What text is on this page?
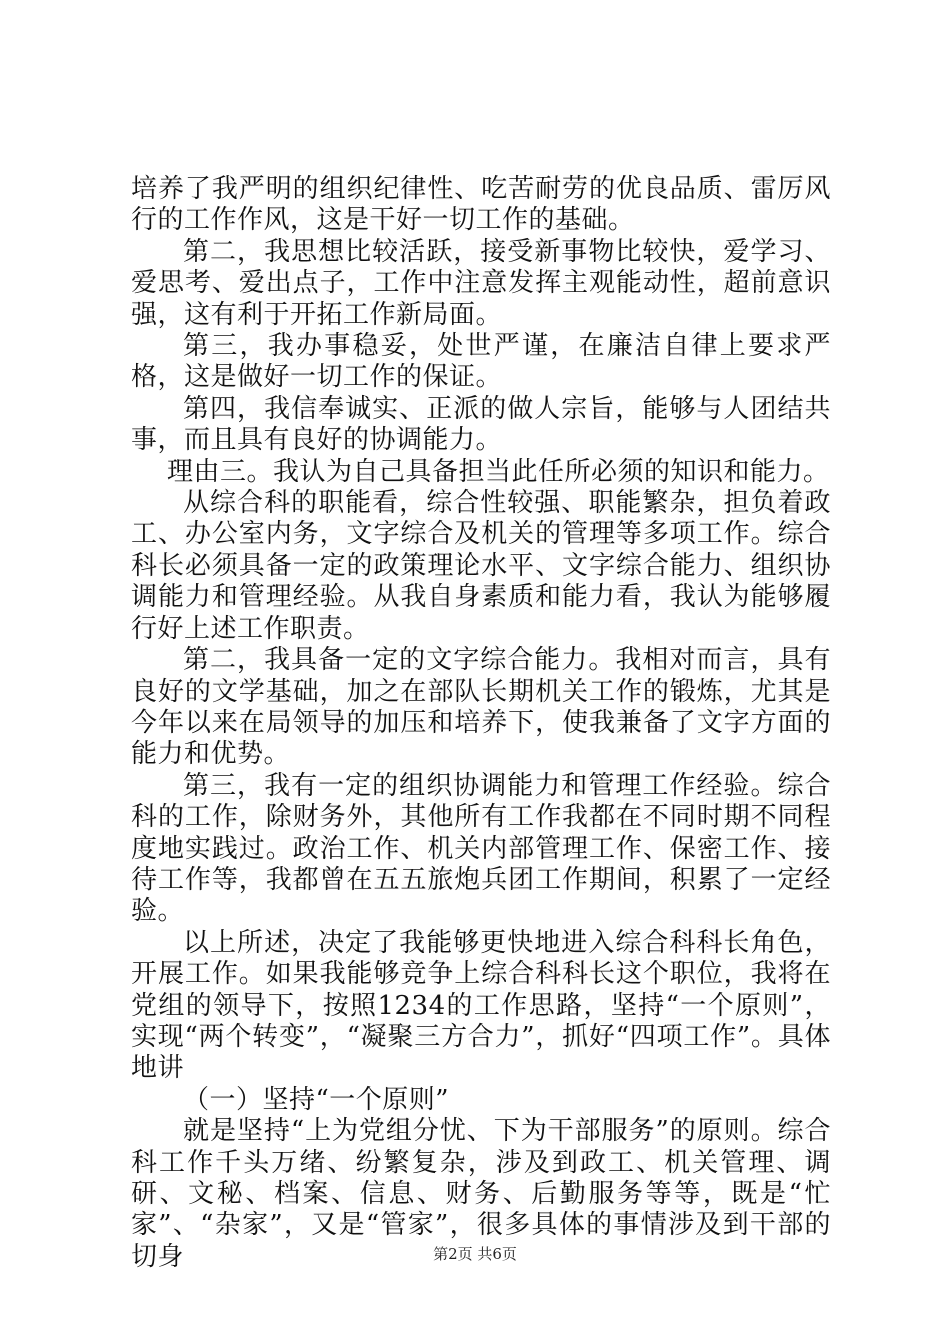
培养了我严明的组织纪律性、吃苦耐劳的优良品质、雷厉风行的工作作风，这是干好一切工作的基础。

第二，我思想比较活跃，接受新事物比较快，爱学习、爱思考、爱出点子，工作中注意发挥主观能动性，超前意识强，这有利于开拓工作新局面。

第三，我办事稳妥，处世严谨，在廉洁自律上要求严格，这是做好一切工作的保证。

第四，我信奉诚实、正派的做人宗旨，能够与人团结共事，而且具有良好的协调能力。

理由三。我认为自己具备担当此任所必须的知识和能力。

从综合科的职能看，综合性较强、职能繁杂，担负着政工、办公室内务，文字综合及机关的管理等多项工作。综合科长必须具备一定的政策理论水平、文字综合能力、组织协调能力和管理经验。从我自身素质和能力看，我认为能够履行好上述工作职责。

第二，我具备一定的文字综合能力。我相对而言，具有良好的文学基础，加之在部队长期机关工作的锻炼，尤其是今年以来在局领导的加压和培养下，使我兼备了文字方面的能力和优势。

第三，我有一定的组织协调能力和管理工作经验。综合科的工作，除财务外，其他所有工作我都在不同时期不同程度地实践过。政治工作、机关内部管理工作、保密工作、接待工作等，我都曾在五五旅炮兵团工作期间，积累了一定经验。

以上所述，决定了我能够更快地进入综合科科长角色，开展工作。如果我能够竞争上综合科科长这个职位，我将在党组的领导下，按照1234的工作思路，坚持“一个原则”，实现“两个转变”，“凝聚三方合力”，抓好“四项工作”。具体地讲

（一）坚持“一个原则”

就是坚持“上为党组分忧、下为干部服务”的原则。综合科工作千头万绪、纷繁复杂，涉及到政工、机关管理、调研、文秘、档案、信息、财务、后勤服务等等，既是“忙家”、“杂家”，又是“管家”，很多具体的事情涉及到干部的切身	第2页 共6页
